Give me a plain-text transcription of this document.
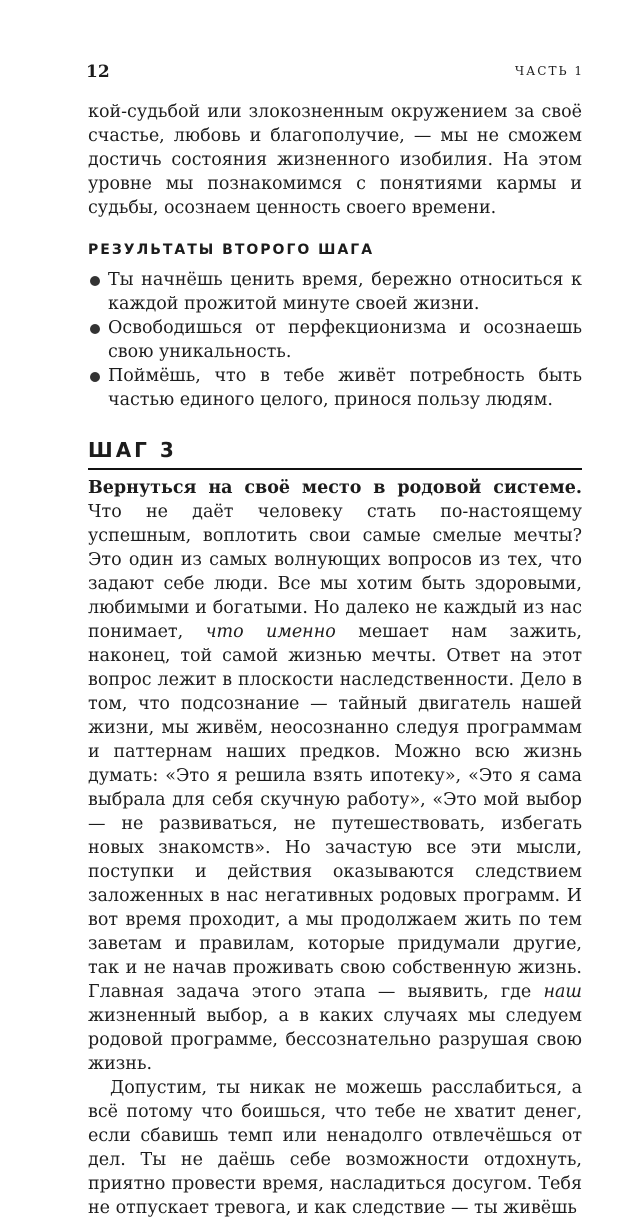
12	ЧАСТЬ 1

кой-судьбой или злокозненным окружением за своё счастье, любовь и благополучие, — мы не сможем достичь состояния жизненного изобилия. На этом уровне мы познакомимся с понятиями кармы и судьбы, осознаем ценность своего времени.

РЕЗУЛЬТАТЫ ВТОРОГО ШАГА
Ты начнёшь ценить время, бережно относиться к каждой прожитой минуте своей жизни.
Освободишься от перфекционизма и осознаешь свою уникальность.
Поймёшь, что в тебе живёт потребность быть частью единого целого, принося пользу людям.
ШАГ 3

Вернуться на своё место в родовой системе. Что не даёт человеку стать по-настоящему успешным, воплотить свои самые смелые мечты? Это один из самых волнующих вопросов из тех, что задают себе люди. Все мы хотим быть здоровыми, любимыми и богатыми. Но далеко не каждый из нас понимает, что именно мешает нам зажить, наконец, той самой жизнью мечты. Ответ на этот вопрос лежит в плоскости наследственности. Дело в том, что подсознание — тайный двигатель нашей жизни, мы живём, неосознанно следуя программам и паттернам наших предков. Можно всю жизнь думать: «Это я решила взять ипотеку», «Это я сама выбрала для себя скучную работу», «Это мой выбор — не развиваться, не путешествовать, избегать новых знакомств». Но зачастую все эти мысли, поступки и действия оказываются следствием заложенных в нас негативных родовых программ. И вот время проходит, а мы продолжаем жить по тем заветам и правилам, которые придумали другие, так и не начав проживать свою собственную жизнь. Главная задача этого этапа — выявить, где наш жизненный выбор, а в каких случаях мы следуем родовой программе, бессознательно разрушая свою жизнь.

Допустим, ты никак не можешь расслабиться, а всё потому что боишься, что тебе не хватит денег, если сбавишь темп или ненадолго отвлечёшься от дел. Ты не даёшь себе возможности отдохнуть, приятно провести время, насладиться досугом. Тебя не отпускает тревога, и как следствие — ты живёшь
